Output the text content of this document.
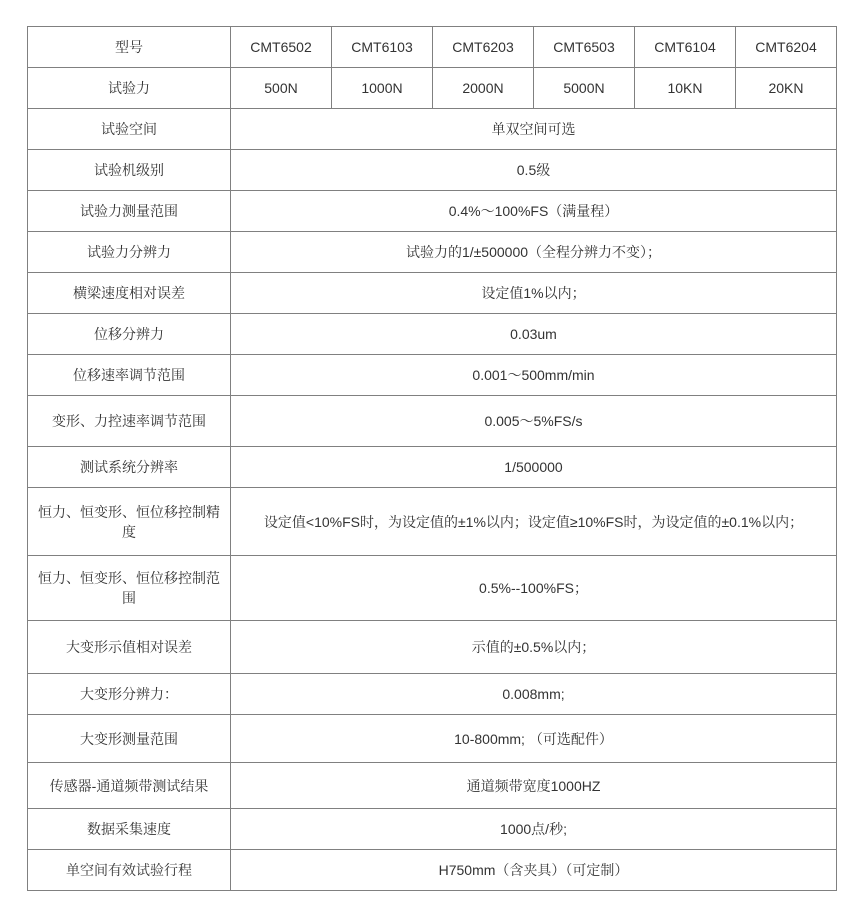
型号	CMT6502	CMT6103	CMT6203	CMT6503	CMT6104	CMT6204
试验力	500N	1000N	2000N	5000N	10KN	20KN
试验空间	单双空间可选					
试验机级别	0.5级					
试验力测量范围	0.4%～100%FS（满量程）					
试验力分辨力	试验力的1/±500000（全程分辨力不变）；					
横梁速度相对误差	设定值1%以内；					
位移分辨力	0.03um					
位移速率调节范围	0.001～500mm/min					
变形、力控速率调节范围	0.005～5%FS/s					
测试系统分辨率	1/500000					
恒力、恒变形、恒位移控制精度	设定值<10%FS时，为设定值的±1%以内；设定值≥10%FS时，为设定值的±0.1%以内；					
恒力、恒变形、恒位移控制范围	0.5%--100%FS；					
大变形示值相对误差	示值的±0.5%以内；					
大变形分辨力：	0.008mm;					
大变形测量范围	10-800mm; （可选配件）					
传感器-通道频带测试结果	通道频带宽度1000HZ					
数据采集速度	1000点/秒;					
单空间有效试验行程	H750mm（含夹具）（可定制）					
